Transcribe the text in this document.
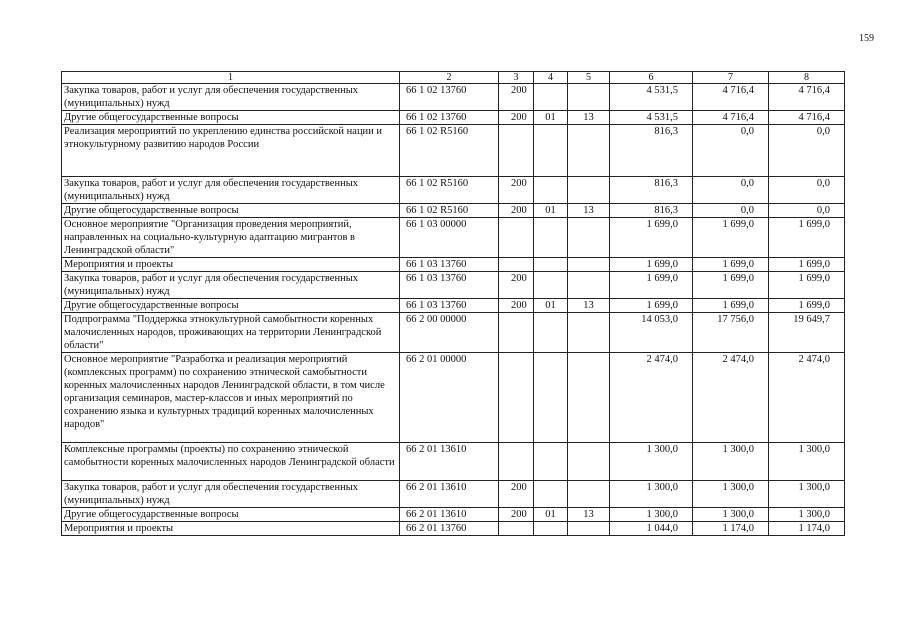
159
1	2	3	4	5	6	7	8
Закупка товаров, работ и услуг для обеспечения государственных (муниципальных) нужд	66 1 02 13760	200			4 531,5	4 716,4	4 716,4
Другие общегосударственные вопросы	66 1 02 13760	200	01	13	4 531,5	4 716,4	4 716,4
Реализация мероприятий по укреплению единства российской нации и этнокультурному развитию народов России	66 1 02 R5160				816,3	0,0	0,0
Закупка товаров, работ и услуг для обеспечения государственных (муниципальных) нужд	66 1 02 R5160	200			816,3	0,0	0,0
Другие общегосударственные вопросы	66 1 02 R5160	200	01	13	816,3	0,0	0,0
Основное мероприятие "Организация проведения мероприятий, направленных на социально-культурную адаптацию мигрантов в Ленинградской области"	66 1 03 00000				1 699,0	1 699,0	1 699,0
Мероприятия и проекты	66 1 03 13760				1 699,0	1 699,0	1 699,0
Закупка товаров, работ и услуг для обеспечения государственных (муниципальных) нужд	66 1 03 13760	200			1 699,0	1 699,0	1 699,0
Другие общегосударственные вопросы	66 1 03 13760	200	01	13	1 699,0	1 699,0	1 699,0
Подпрограмма "Поддержка этнокультурной самобытности коренных малочисленных народов, проживающих на территории Ленинградской области"	66 2 00 00000				14 053,0	17 756,0	19 649,7
Основное мероприятие "Разработка и реализация мероприятий (комплексных программ) по сохранению этнической самобытности коренных малочисленных народов Ленинградской области, в том числе организация семинаров, мастер-классов и иных мероприятий по сохранению языка и культурных традиций коренных малочисленных народов"	66 2 01 00000				2 474,0	2 474,0	2 474,0
Комплексные программы (проекты) по сохранению этнической самобытности коренных малочисленных народов Ленинградской области	66 2 01 13610				1 300,0	1 300,0	1 300,0
Закупка товаров, работ и услуг для обеспечения государственных (муниципальных) нужд	66 2 01 13610	200			1 300,0	1 300,0	1 300,0
Другие общегосударственные вопросы	66 2 01 13610	200	01	13	1 300,0	1 300,0	1 300,0
Мероприятия и проекты	66 2 01 13760				1 044,0	1 174,0	1 174,0
